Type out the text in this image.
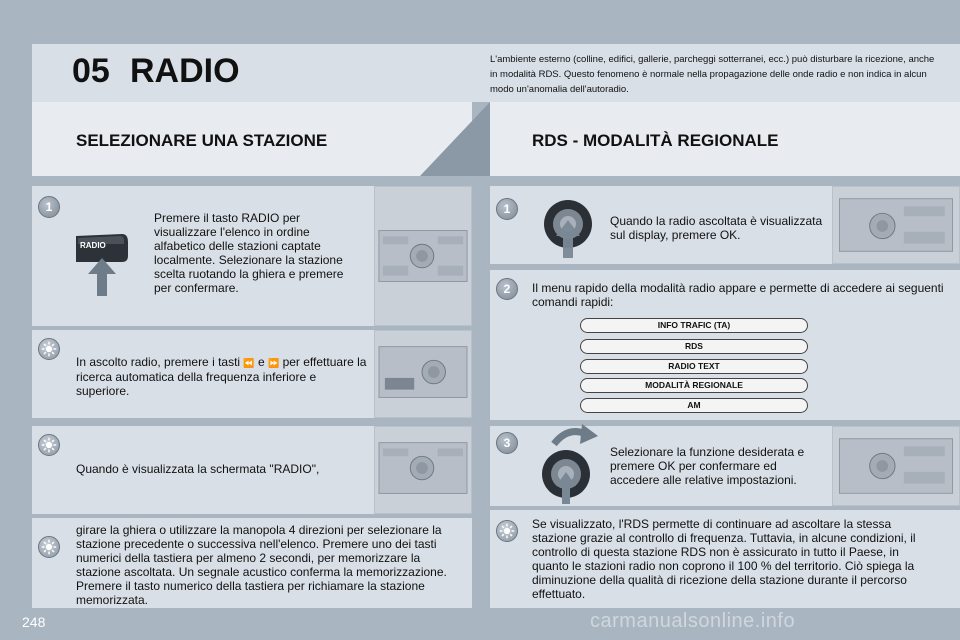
05 RADIO	L'ambiente esterno (colline, edifici, gallerie, parcheggi sotterranei, ecc.) può disturbare la ricezione, anche in modalità RDS. Questo fenomeno è normale nella propagazione delle onde radio e non indica in alcun modo un'anomalia dell'autoradio.
SELEZIONARE UNA STAZIONE	RDS - MODALITÀ REGIONALE
1
RADIO
Premere il tasto RADIO per visualizzare l'elenco in ordine alfabetico delle stazioni captate localmente. Selezionare la stazione scelta ruotando la ghiera e premere per confermare.
In ascolto radio, premere i tasti ⏪ e ⏩ per effettuare la ricerca automatica della frequenza inferiore e superiore.
Quando è visualizzata la schermata "RADIO",
girare la ghiera o utilizzare la manopola 4 direzioni per selezionare la stazione precedente o successiva nell'elenco. Premere uno dei tasti numerici della tastiera per almeno 2 secondi, per memorizzare la stazione ascoltata. Un segnale acustico conferma la memorizzazione. Premere il tasto numerico della tastiera per richiamare la stazione memorizzata.
1
Quando la radio ascoltata è visualizzata sul display, premere OK.
2	Il menu rapido della modalità radio appare e permette di accedere ai seguenti comandi rapidi:
INFO TRAFIC (TA)
RDS
RADIO TEXT
MODALITÀ REGIONALE
AM
3
Selezionare la funzione desiderata e premere OK per confermare ed accedere alle relative impostazioni.
Se visualizzato, l'RDS permette di continuare ad ascoltare la stessa stazione grazie al controllo di frequenza. Tuttavia, in alcune condizioni, il controllo di questa stazione RDS non è assicurato in tutto il Paese, in quanto le stazioni radio non coprono il 100 % del territorio. Ciò spiega la diminuzione della qualità di ricezione della stazione durante il percorso effettuato.
248	carmanualsonline.info
